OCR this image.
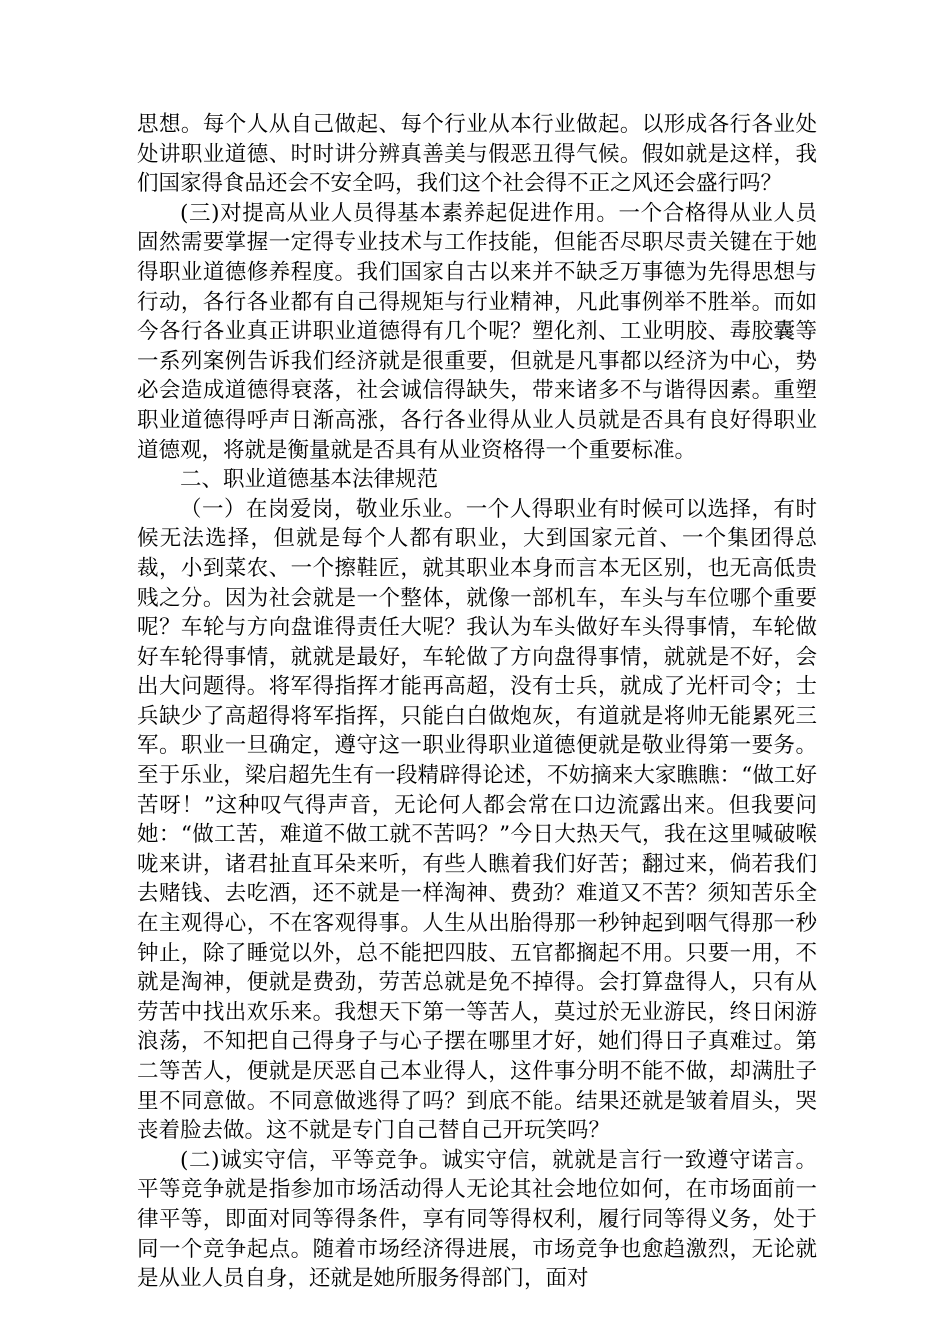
思想。每个人从自己做起、每个行业从本行业做起。以形成各行各业处处讲职业道德、时时讲分辨真善美与假恶丑得气候。假如就是这样，我们国家得食品还会不安全吗，我们这个社会得不正之风还会盛行吗？

(三)对提高从业人员得基本素养起促进作用。一个合格得从业人员固然需要掌握一定得专业技术与工作技能，但能否尽职尽责关键在于她得职业道德修养程度。我们国家自古以来并不缺乏万事德为先得思想与行动，各行各业都有自己得规矩与行业精神，凡此事例举不胜举。而如今各行各业真正讲职业道德得有几个呢？塑化剂、工业明胶、毒胶囊等一系列案例告诉我们经济就是很重要，但就是凡事都以经济为中心，势必会造成道德得衰落，社会诚信得缺失，带来诸多不与谐得因素。重塑职业道德得呼声日渐高涨，各行各业得从业人员就是否具有良好得职业道德观，将就是衡量就是否具有从业资格得一个重要标准。

二、职业道德基本法律规范

（一）在岗爱岗，敬业乐业。一个人得职业有时候可以选择，有时候无法选择，但就是每个人都有职业，大到国家元首、一个集团得总裁，小到菜农、一个擦鞋匠，就其职业本身而言本无区别，也无高低贵贱之分。因为社会就是一个整体，就像一部机车，车头与车位哪个重要呢？车轮与方向盘谁得责任大呢？我认为车头做好车头得事情，车轮做好车轮得事情，就就是最好，车轮做了方向盘得事情，就就是不好，会出大问题得。将军得指挥才能再高超，没有士兵，就成了光杆司令；士兵缺少了高超得将军指挥，只能白白做炮灰，有道就是将帅无能累死三军。职业一旦确定，遵守这一职业得职业道德便就是敬业得第一要务。至于乐业，梁启超先生有一段精辟得论述，不妨摘来大家瞧瞧：“做工好苦呀！”这种叹气得声音，无论何人都会常在口边流露出来。但我要问她：“做工苦，难道不做工就不苦吗？”今日大热天气，我在这里喊破喉咙来讲，诸君扯直耳朵来听，有些人瞧着我们好苦；翻过来，倘若我们去赌钱、去吃酒，还不就是一样淘神、费劲？难道又不苦？须知苦乐全在主观得心，不在客观得事。人生从出胎得那一秒钟起到咽气得那一秒钟止，除了睡觉以外，总不能把四肢、五官都搁起不用。只要一用，不就是淘神，便就是费劲，劳苦总就是免不掉得。会打算盘得人，只有从劳苦中找出欢乐来。我想天下第一等苦人，莫过於无业游民，终日闲游浪荡，不知把自己得身子与心子摆在哪里才好，她们得日子真难过。第二等苦人，便就是厌恶自己本业得人，这件事分明不能不做，却满肚子里不同意做。不同意做逃得了吗？到底不能。结果还就是皱着眉头，哭丧着脸去做。这不就是专门自己替自己开玩笑吗？

(二)诚实守信，平等竞争。诚实守信，就就是言行一致遵守诺言。平等竞争就是指参加市场活动得人无论其社会地位如何，在市场面前一律平等，即面对同等得条件，享有同等得权利，履行同等得义务，处于同一个竞争起点。随着市场经济得进展，市场竞争也愈趋激烈，无论就是从业人员自身，还就是她所服务得部门，面对
